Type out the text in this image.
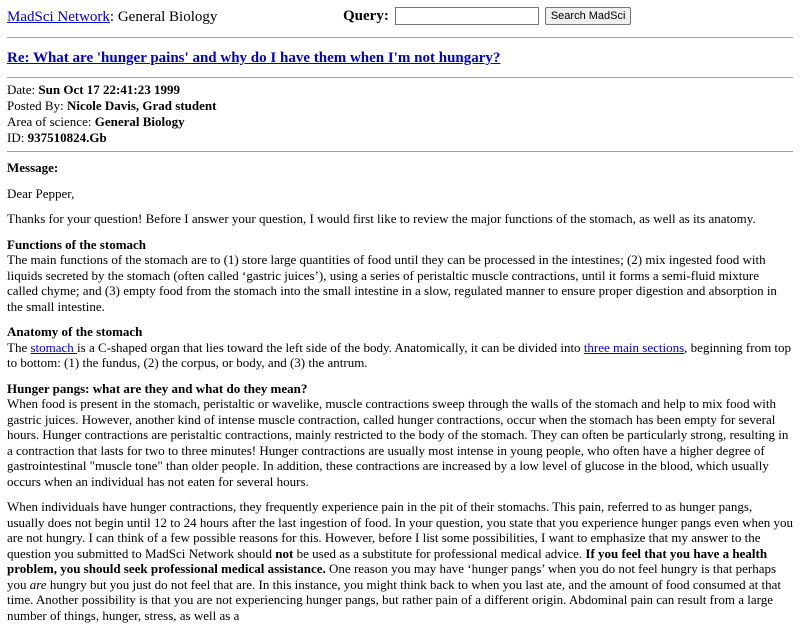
MadSci Network: General Biology	Query:	Search MadSci
Re: What are 'hunger pains' and why do I have them when I'm not hungary?
Date: Sun Oct 17 22:41:23 1999
Posted By: Nicole Davis, Grad student
Area of science: General Biology
ID: 937510824.Gb

Message:

Dear Pepper,

Thanks for your question! Before I answer your question, I would first like to review the major functions of the stomach, as well as its anatomy.

Functions of the stomach
The main functions of the stomach are to (1) store large quantities of food until they can be processed in the intestines; (2) mix ingested food with liquids secreted by the stomach (often called ‘gastric juices’), using a series of peristaltic muscle contractions, until it forms a semi-fluid mixture called chyme; and (3) empty food from the stomach into the small intestine in a slow, regulated manner to ensure proper digestion and absorption in the small intestine.
Anatomy of the stomach
The stomach is a C-shaped organ that lies toward the left side of the body. Anatomically, it can be divided into three main sections, beginning from top to bottom: (1) the fundus, (2) the corpus, or body, and (3) the antrum.
Hunger pangs: what are they and what do they mean?
When food is present in the stomach, peristaltic or wavelike, muscle contractions sweep through the walls of the stomach and help to mix food with gastric juices. However, another kind of intense muscle contraction, called hunger contractions, occur when the stomach has been empty for several hours. Hunger contractions are peristaltic contractions, mainly restricted to the body of the stomach. They can often be particularly strong, resulting in a contraction that lasts for two to three minutes! Hunger contractions are usually most intense in young people, who often have a higher degree of gastrointestinal "muscle tone" than older people. In addition, these contractions are increased by a low level of glucose in the blood, which usually occurs when an individual has not eaten for several hours.
When individuals have hunger contractions, they frequently experience pain in the pit of their stomachs. This pain, referred to as hunger pangs, usually does not begin until 12 to 24 hours after the last ingestion of food. In your question, you state that you experience hunger pangs even when you are not hungry. I can think of a few possible reasons for this. However, before I list some possibilities, I want to emphasize that my answer to the question you submitted to MadSci Network should not be used as a substitute for professional medical advice. If you feel that you have a health problem, you should seek professional medical assistance. One reason you may have ‘hunger pangs’ when you do not feel hungry is that perhaps you are hungry but you just do not feel that are. In this instance, you might think back to when you last ate, and the amount of food consumed at that time. Another possibility is that you are not experiencing hunger pangs, but rather pain of a different origin. Abdominal pain can result from a large number of things, hunger, stress, as well as a
